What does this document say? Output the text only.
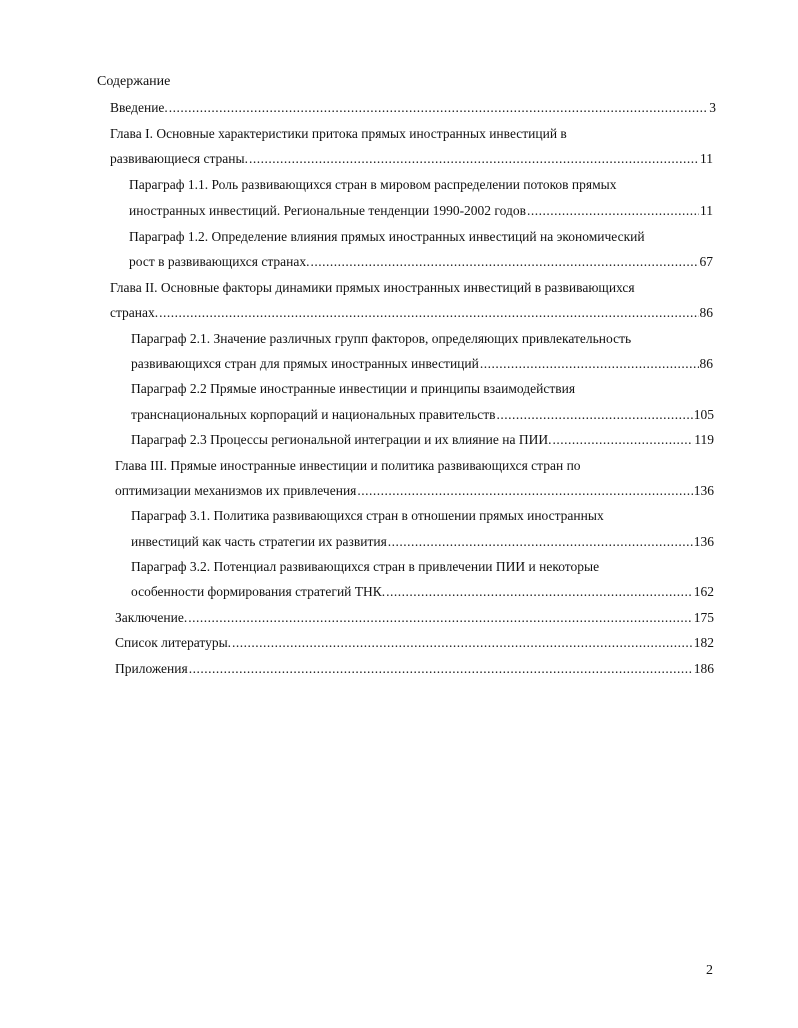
Содержание
Введение. .....	3
Глава I. Основные характеристики притока прямых иностранных инвестиций в
развивающиеся страны. .....	11
Параграф 1.1. Роль развивающихся стран в мировом распределении потоков прямых
иностранных инвестиций. Региональные тенденции 1990-2002 годов .....	11
Параграф 1.2. Определение влияния прямых иностранных инвестиций на экономический
рост в развивающихся странах. .....	67
Глава II. Основные факторы динамики прямых иностранных инвестиций в развивающихся
странах. .....	86
Параграф 2.1. Значение различных групп факторов, определяющих привлекательность
развивающихся стран для прямых иностранных инвестиций .....	86
Параграф 2.2 Прямые иностранные инвестиции и принципы взаимодействия
транснациональных корпораций и национальных правительств .....	105
Параграф 2.3 Процессы региональной интеграции и их влияние на ПИИ. .....	119
Глава III. Прямые иностранные инвестиции и политика развивающихся стран по
оптимизации механизмов их привлечения .....	136
Параграф 3.1. Политика развивающихся стран в отношении прямых иностранных
инвестиций как часть стратегии их развития .....	136
Параграф 3.2. Потенциал развивающихся стран в привлечении ПИИ и некоторые
особенности формирования стратегий ТНК. .....	162
Заключение. .....	175
Список литературы. .....	182
Приложения .....	186
2
